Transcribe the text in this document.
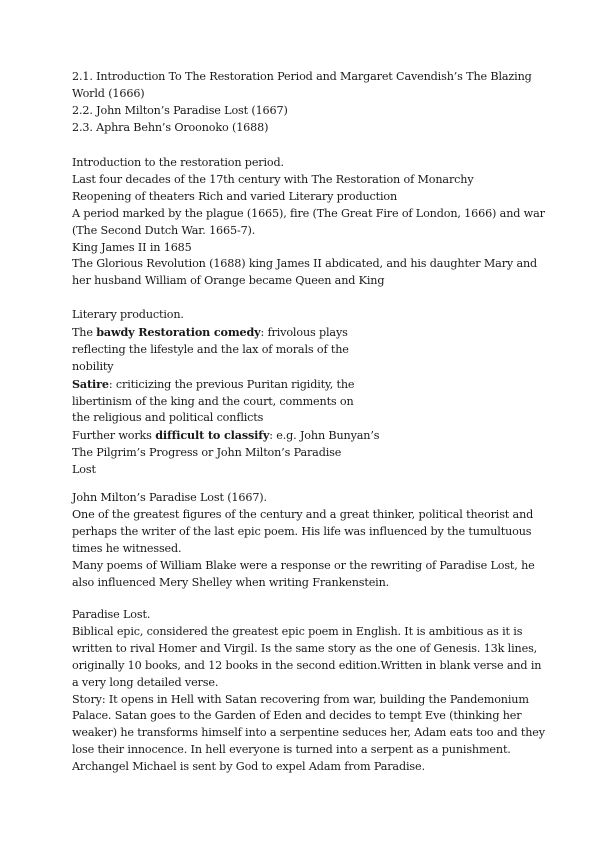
2.1. Introduction To The Restoration Period and Margaret Cavendish’s The Blazing
World (1666)
2.2. John Milton’s Paradise Lost (1667)
2.3. Aphra Behn’s Oroonoko (1688)
Introduction to the restoration period.
Last four decades of the 17th century with The Restoration of Monarchy
Reopening of theaters Rich and varied Literary production
A period marked by the plague (1665), fire (The Great Fire of London, 1666) and war
(The Second Dutch War. 1665-7).
King James II in 1685
The Glorious Revolution (1688) king James II abdicated, and his daughter Mary and
her husband William of Orange became Queen and King
Literary production.
The bawdy Restoration comedy: frivolous plays
reflecting the lifestyle and the lax of morals of the
nobility
Satire: criticizing the previous Puritan rigidity, the
libertinism of the king and the court, comments on
the religious and political conflicts
Further works difficult to classify: e.g. John Bunyan’s
The Pilgrim’s Progress or John Milton’s Paradise
Lost
John Milton’s Paradise Lost (1667).
One of the greatest figures of the century and a great thinker, political theorist and
perhaps the writer of the last epic poem. His life was influenced by the tumultuous
times he witnessed.
Many poems of William Blake were a response or the rewriting of Paradise Lost, he
also influenced Mery Shelley when writing Frankenstein.
Paradise Lost.
Biblical epic, considered the greatest epic poem in English. It is ambitious as it is
written to rival Homer and Virgil. Is the same story as the one of Genesis. 13k lines,
originally 10 books, and 12 books in the second edition.Written in blank verse and in
a very long detailed verse.
Story: It opens in Hell with Satan recovering from war, building the Pandemonium
Palace. Satan goes to the Garden of Eden and decides to tempt Eve (thinking her
weaker) he transforms himself into a serpentine seduces her, Adam eats too and they
lose their innocence. In hell everyone is turned into a serpent as a punishment.
Archangel Michael is sent by God to expel Adam from Paradise.
